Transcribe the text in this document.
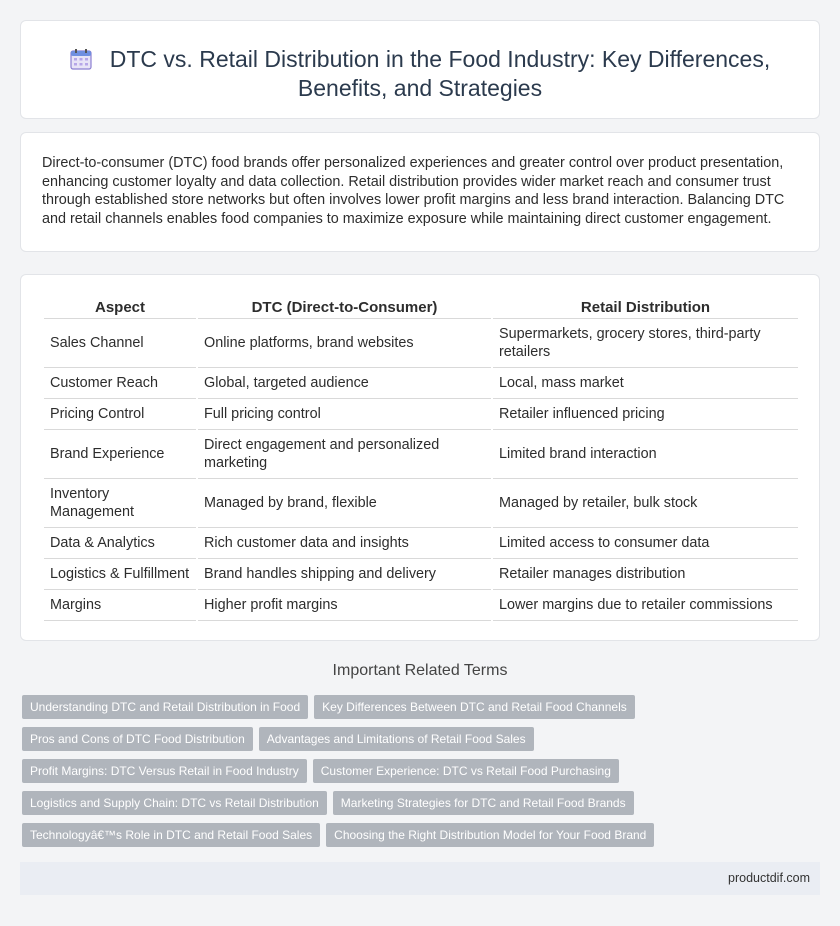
DTC vs. Retail Distribution in the Food Industry: Key Differences, Benefits, and Strategies

Direct-to-consumer (DTC) food brands offer personalized experiences and greater control over product presentation, enhancing customer loyalty and data collection. Retail distribution provides wider market reach and consumer trust through established store networks but often involves lower profit margins and less brand interaction. Balancing DTC and retail channels enables food companies to maximize exposure while maintaining direct customer engagement.

Aspect	DTC (Direct-to-Consumer)	Retail Distribution
Sales Channel	Online platforms, brand websites	Supermarkets, grocery stores, third-party retailers
Customer Reach	Global, targeted audience	Local, mass market
Pricing Control	Full pricing control	Retailer influenced pricing
Brand Experience	Direct engagement and personalized marketing	Limited brand interaction
Inventory Management	Managed by brand, flexible	Managed by retailer, bulk stock
Data & Analytics	Rich customer data and insights	Limited access to consumer data
Logistics & Fulfillment	Brand handles shipping and delivery	Retailer manages distribution
Margins	Higher profit margins	Lower margins due to retailer commissions
Important Related Terms
Understanding DTC and Retail Distribution in Food Key Differences Between DTC and Retail Food Channels
Pros and Cons of DTC Food Distribution Advantages and Limitations of Retail Food Sales
Profit Margins: DTC Versus Retail in Food Industry Customer Experience: DTC vs Retail Food Purchasing
Logistics and Supply Chain: DTC vs Retail Distribution Marketing Strategies for DTC and Retail Food Brands
Technologyâ€™s Role in DTC and Retail Food Sales Choosing the Right Distribution Model for Your Food Brand
productdif.com
